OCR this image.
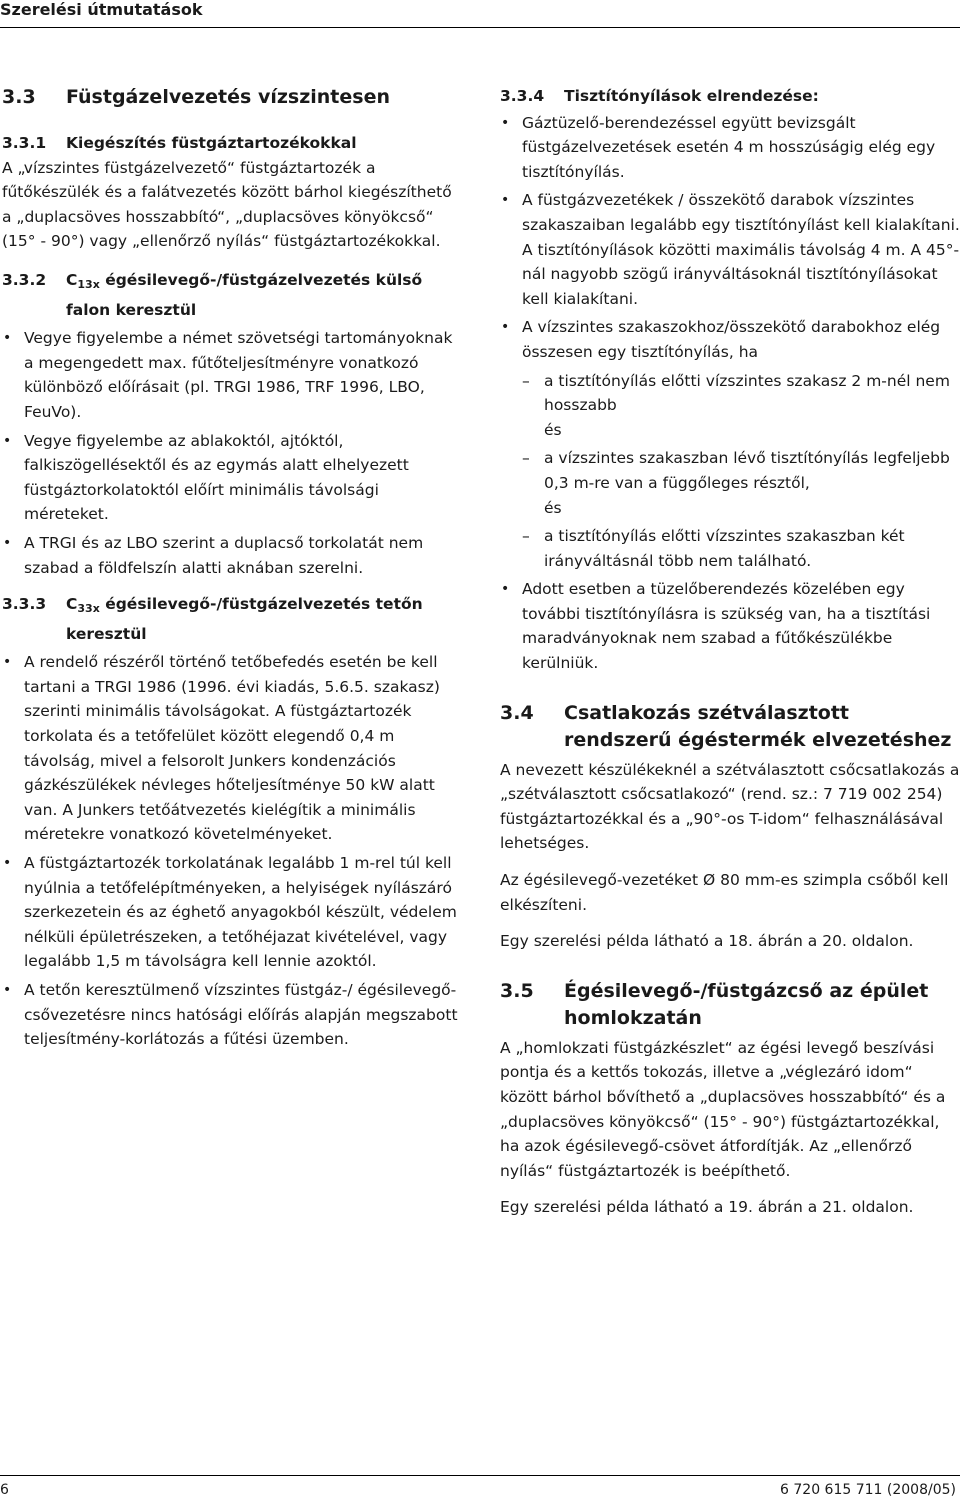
Szerelési útmutatások
3.3	Füstgázelvezetés vízszintesen
3.3.1	Kiegészítés füstgáztartozékokkal

A „vízszintes füstgázelvezető“ füstgáztartozék a fűtőkészülék és a falátvezetés között bárhol kiegészíthető a „duplacsöves hosszabbító“, „duplacsöves könyökcső“ (15° - 90°) vagy „ellenőrző nyílás“ füstgáztartozékokkal.

3.3.2	$C_{13x}$ égésilevegő-/füstgázelvezetés külső falon keresztül
• Vegye figyelembe a német szövetségi tartományoknak a megengedett max. fűtőteljesítményre vonatkozó különböző előírásait (pl. TRGI 1986, TRF 1996, LBO, FeuVo).
• Vegye figyelembe az ablakoktól, ajtóktól, falkiszögellésektől és az egymás alatt elhelyezett füstgáztorkolatoktól előírt minimális távolsági méreteket.
• A TRGI és az LBO szerint a duplacső torkolatát nem szabad a földfelszín alatti aknában szerelni.
3.3.3	$C_{33x}$ égésilevegő-/füstgázelvezetés tetőn keresztül
• A rendelő részéről történő tetőbefedés esetén be kell tartani a TRGI 1986 (1996. évi kiadás, 5.6.5. szakasz) szerinti minimális távolságokat. A füstgáztartozék torkolata és a tetőfelület között elegendő 0,4 m távolság, mivel a felsorolt Junkers kondenzációs gázkészülékek névleges hőteljesítménye 50 kW alatt van. A Junkers tetőátvezetés kielégítik a minimális méretekre vonatkozó követelményeket.
• A füstgáztartozék torkolatának legalább 1 m-rel túl kell nyúlnia a tetőfelépítményeken, a helyiségek nyílászáró szerkezetein és az éghető anyagokból készült, védelem nélküli épületrészeken, a tetőhéjazat kivételével, vagy legalább 1,5 m távolságra kell lennie azoktól.
• A tetőn keresztülmenő vízszintes füstgáz-/ égésilevegő-csővezetésre nincs hatósági előírás alapján megszabott teljesítmény-korlátozás a fűtési üzemben.
3.3.4	Tisztítónyílások elrendezése:
• Gáztüzelő-berendezéssel együtt bevizsgált füstgázelvezetések esetén 4 m hosszúságig elég egy tisztítónyílás.
• A füstgázvezetékek / összekötő darabok vízszintes szakaszaiban legalább egy tisztítónyílást kell kialakítani. A tisztítónyílások közötti maximális távolság 4 m. A 45°-nál nagyobb szögű irányváltásoknál tisztítónyílásokat kell kialakítani.
• A vízszintes szakaszokhoz/összekötő darabokhoz elég összesen egy tisztítónyílás, ha
– a tisztítónyílás előtti vízszintes szakasz 2 m-nél nem hosszabb
és
– a vízszintes szakaszban lévő tisztítónyílás legfeljebb 0,3 m-re van a függőleges résztől,
és
– a tisztítónyílás előtti vízszintes szakaszban két irányváltásnál több nem található.
• Adott esetben a tüzelőberendezés közelében egy további tisztítónyílásra is szükség van, ha a tisztítási maradványoknak nem szabad a fűtőkészülékbe kerülniük.
3.4	Csatlakozás szétválasztott rendszerű égéstermék elvezetéshez

A nevezett készülékeknél a szétválasztott csőcsatlakozás a „szétválasztott csőcsatlakozó“ (rend. sz.: 7 719 002 254) füstgáztartozékkal és a „90°-os T-idom“ felhasználásával lehetséges.

Az égésilevegő-vezetéket Ø 80 mm-es szimpla csőből kell elkészíteni.

Egy szerelési példa látható a 18. ábrán a 20. oldalon.

3.5	Égésilevegő-/füstgázcső az épület homlokzatán

A „homlokzati füstgázkészlet“ az égési levegő beszívási pontja és a kettős tokozás, illetve a „véglezáró idom“ között bárhol bővíthető a „duplacsöves hosszabbító“ és a „duplacsöves könyökcső“ (15° - 90°) füstgáztartozékkal, ha azok égésilevegő-csövet átfordítják. Az „ellenőrző nyílás“ füstgáztartozék is beépíthető.

Egy szerelési példa látható a 19. ábrán a 21. oldalon.

6	6 720 615 711 (2008/05)
